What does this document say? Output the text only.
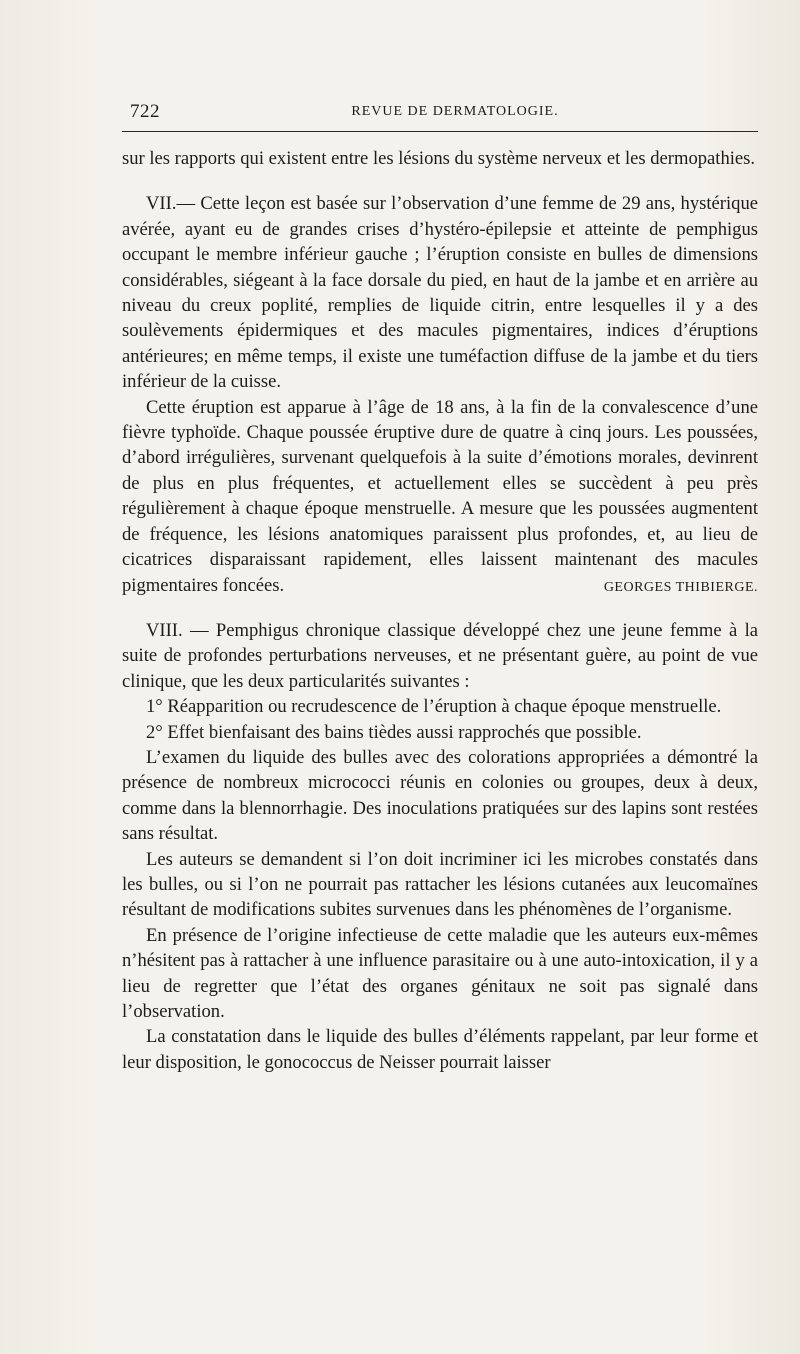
722	REVUE DE DERMATOLOGIE.

sur les rapports qui existent entre les lésions du système nerveux et les dermopathies.

VII.— Cette leçon est basée sur l’observation d’une femme de 29 ans, hystérique avérée, ayant eu de grandes crises d’hystéro-épilepsie et atteinte de pemphigus occupant le membre inférieur gauche ; l’éruption consiste en bulles de dimensions considérables, siégeant à la face dorsale du pied, en haut de la jambe et en arrière au niveau du creux poplité, remplies de liquide citrin, entre lesquelles il y a des soulèvements épidermiques et des macules pigmentaires, indices d’éruptions antérieures; en même temps, il existe une tuméfaction diffuse de la jambe et du tiers inférieur de la cuisse.

Cette éruption est apparue à l’âge de 18 ans, à la fin de la convalescence d’une fièvre typhoïde. Chaque poussée éruptive dure de quatre à cinq jours. Les poussées, d’abord irrégulières, survenant quelquefois à la suite d’émotions morales, devinrent de plus en plus fréquentes, et actuellement elles se succèdent à peu près régulièrement à chaque époque menstruelle. A mesure que les poussées augmentent de fréquence, les lésions anatomiques paraissent plus profondes, et, au lieu de cicatrices disparaissant rapidement, elles laissent maintenant des macules pigmentaires foncées.	GEORGES THIBIERGE.

VIII. — Pemphigus chronique classique développé chez une jeune femme à la suite de profondes perturbations nerveuses, et ne présentant guère, au point de vue clinique, que les deux particularités suivantes :

1° Réapparition ou recrudescence de l’éruption à chaque époque menstruelle.

2° Effet bienfaisant des bains tièdes aussi rapprochés que possible.

L’examen du liquide des bulles avec des colorations appropriées a démontré la présence de nombreux micrococci réunis en colonies ou groupes, deux à deux, comme dans la blennorrhagie. Des inoculations pratiquées sur des lapins sont restées sans résultat.

Les auteurs se demandent si l’on doit incriminer ici les microbes constatés dans les bulles, ou si l’on ne pourrait pas rattacher les lésions cutanées aux leucomaïnes résultant de modifications subites survenues dans les phénomènes de l’organisme.

En présence de l’origine infectieuse de cette maladie que les auteurs eux-mêmes n’hésitent pas à rattacher à une influence parasitaire ou à une auto-intoxication, il y a lieu de regretter que l’état des organes génitaux ne soit pas signalé dans l’observation.

La constatation dans le liquide des bulles d’éléments rappelant, par leur forme et leur disposition, le gonococcus de Neisser pourrait laisser
